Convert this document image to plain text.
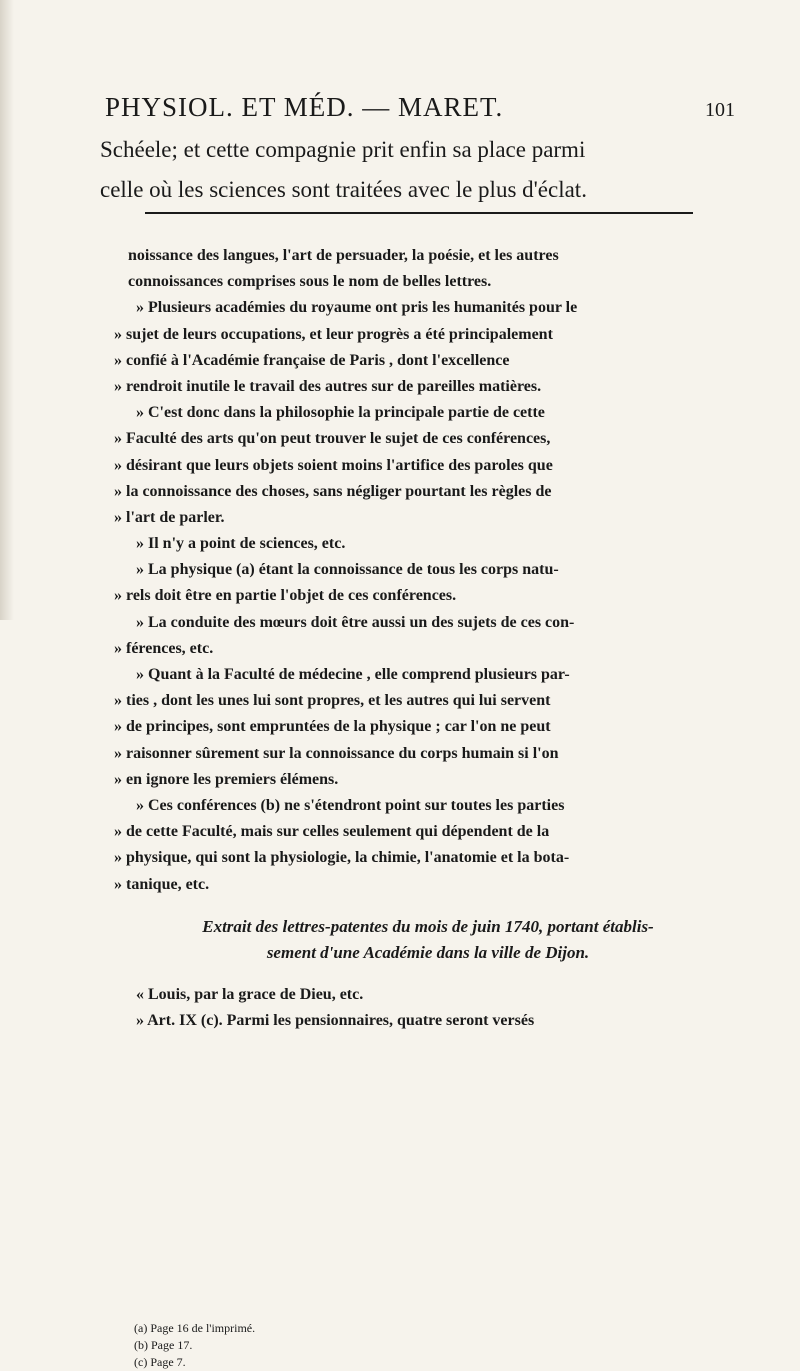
PHYSIOL. ET MÉD. — MARET.	101
Schéele; et cette compagnie prit enfin sa place parmi
celle où les sciences sont traitées avec le plus d'éclat.
noissance des langues, l'art de persuader, la poésie, et les autres
connoissances comprises sous le nom de belles lettres.
» Plusieurs académies du royaume ont pris les humanités pour le
» sujet de leurs occupations, et leur progrès a été principalement
» confié à l'Académie française de Paris , dont l'excellence
» rendroit inutile le travail des autres sur de pareilles matières.
» C'est donc dans la philosophie la principale partie de cette
» Faculté des arts qu'on peut trouver le sujet de ces conférences,
» désirant que leurs objets soient moins l'artifice des paroles que
» la connoissance des choses, sans négliger pourtant les règles de
» l'art de parler.
» Il n'y a point de sciences, etc.
» La physique (a) étant la connoissance de tous les corps natu-
» rels doit être en partie l'objet de ces conférences.
» La conduite des mœurs doit être aussi un des sujets de ces con-
» férences, etc.
» Quant à la Faculté de médecine , elle comprend plusieurs par-
» ties , dont les unes lui sont propres, et les autres qui lui servent
» de principes, sont empruntées de la physique ; car l'on ne peut
» raisonner sûrement sur la connoissance du corps humain si l'on
» en ignore les premiers élémens.
» Ces conférences (b) ne s'étendront point sur toutes les parties
» de cette Faculté, mais sur celles seulement qui dépendent de la
» physique, qui sont la physiologie, la chimie, l'anatomie et la bota-
» tanique, etc.
Extrait des lettres-patentes du mois de juin 1740, portant établis-
sement d'une Académie dans la ville de Dijon.
« Louis, par la grace de Dieu, etc.
» Art. IX (c). Parmi les pensionnaires, quatre seront versés
(a) Page 16 de l'imprimé.
(b) Page 17.
(c) Page 7.
